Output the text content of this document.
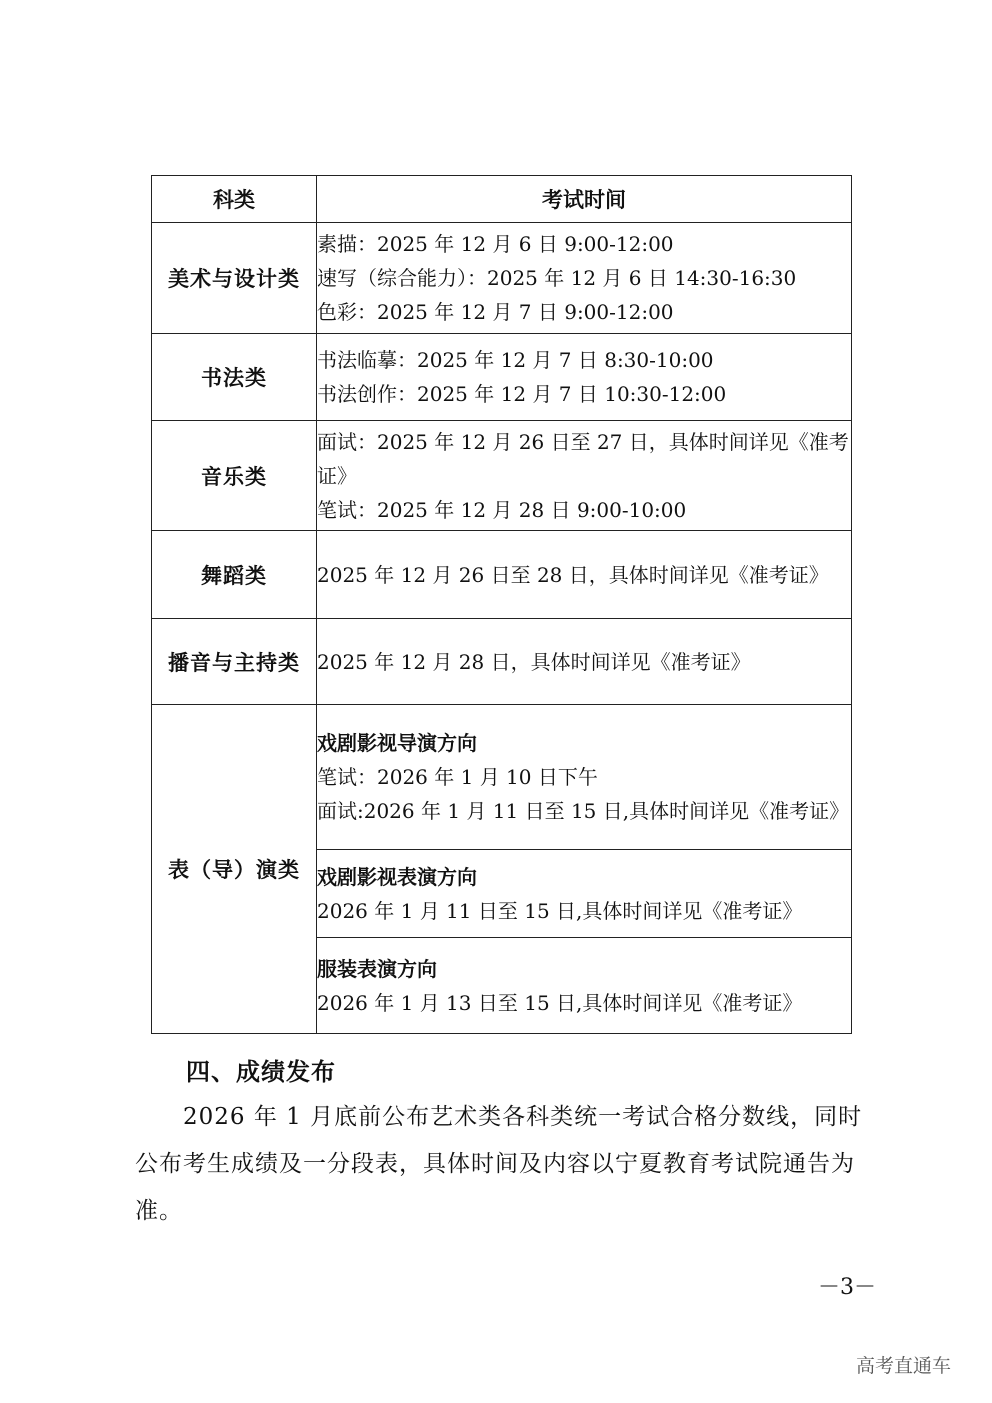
科类	考试时间
美术与设计类	素描：2025 年 12 月 6 日 9:00-12:00
速写（综合能力）：2025 年 12 月 6 日 14:30-16:30
色彩：2025 年 12 月 7 日 9:00-12:00

书法类	书法临摹：2025 年 12 月 7 日 8:30-10:00
书法创作：2025 年 12 月 7 日 10:30-12:00

音乐类	面试：2025 年 12 月 26 日至 27 日，具体时间详见《准考证》
笔试：2025 年 12 月 28 日 9:00-10:00

舞蹈类	2025 年 12 月 26 日至 28 日，具体时间详见《准考证》

播音与主持类	2025 年 12 月 28 日，具体时间详见《准考证》

表（导）演类	戏剧影视导演方向
笔试：2026 年 1 月 10 日下午
面试:2026 年 1 月 11 日至 15 日,具体时间详见《准考证》

	戏剧影视表演方向
2026 年 1 月 11 日至 15 日,具体时间详见《准考证》

	服装表演方向
2026 年 1 月 13 日至 15 日,具体时间详见《准考证》
四、成绩发布
2026 年 1 月底前公布艺术类各科类统一考试合格分数线，同时公布考生成绩及一分段表，具体时间及内容以宁夏教育考试院通告为准。
－3－
高考直通车
